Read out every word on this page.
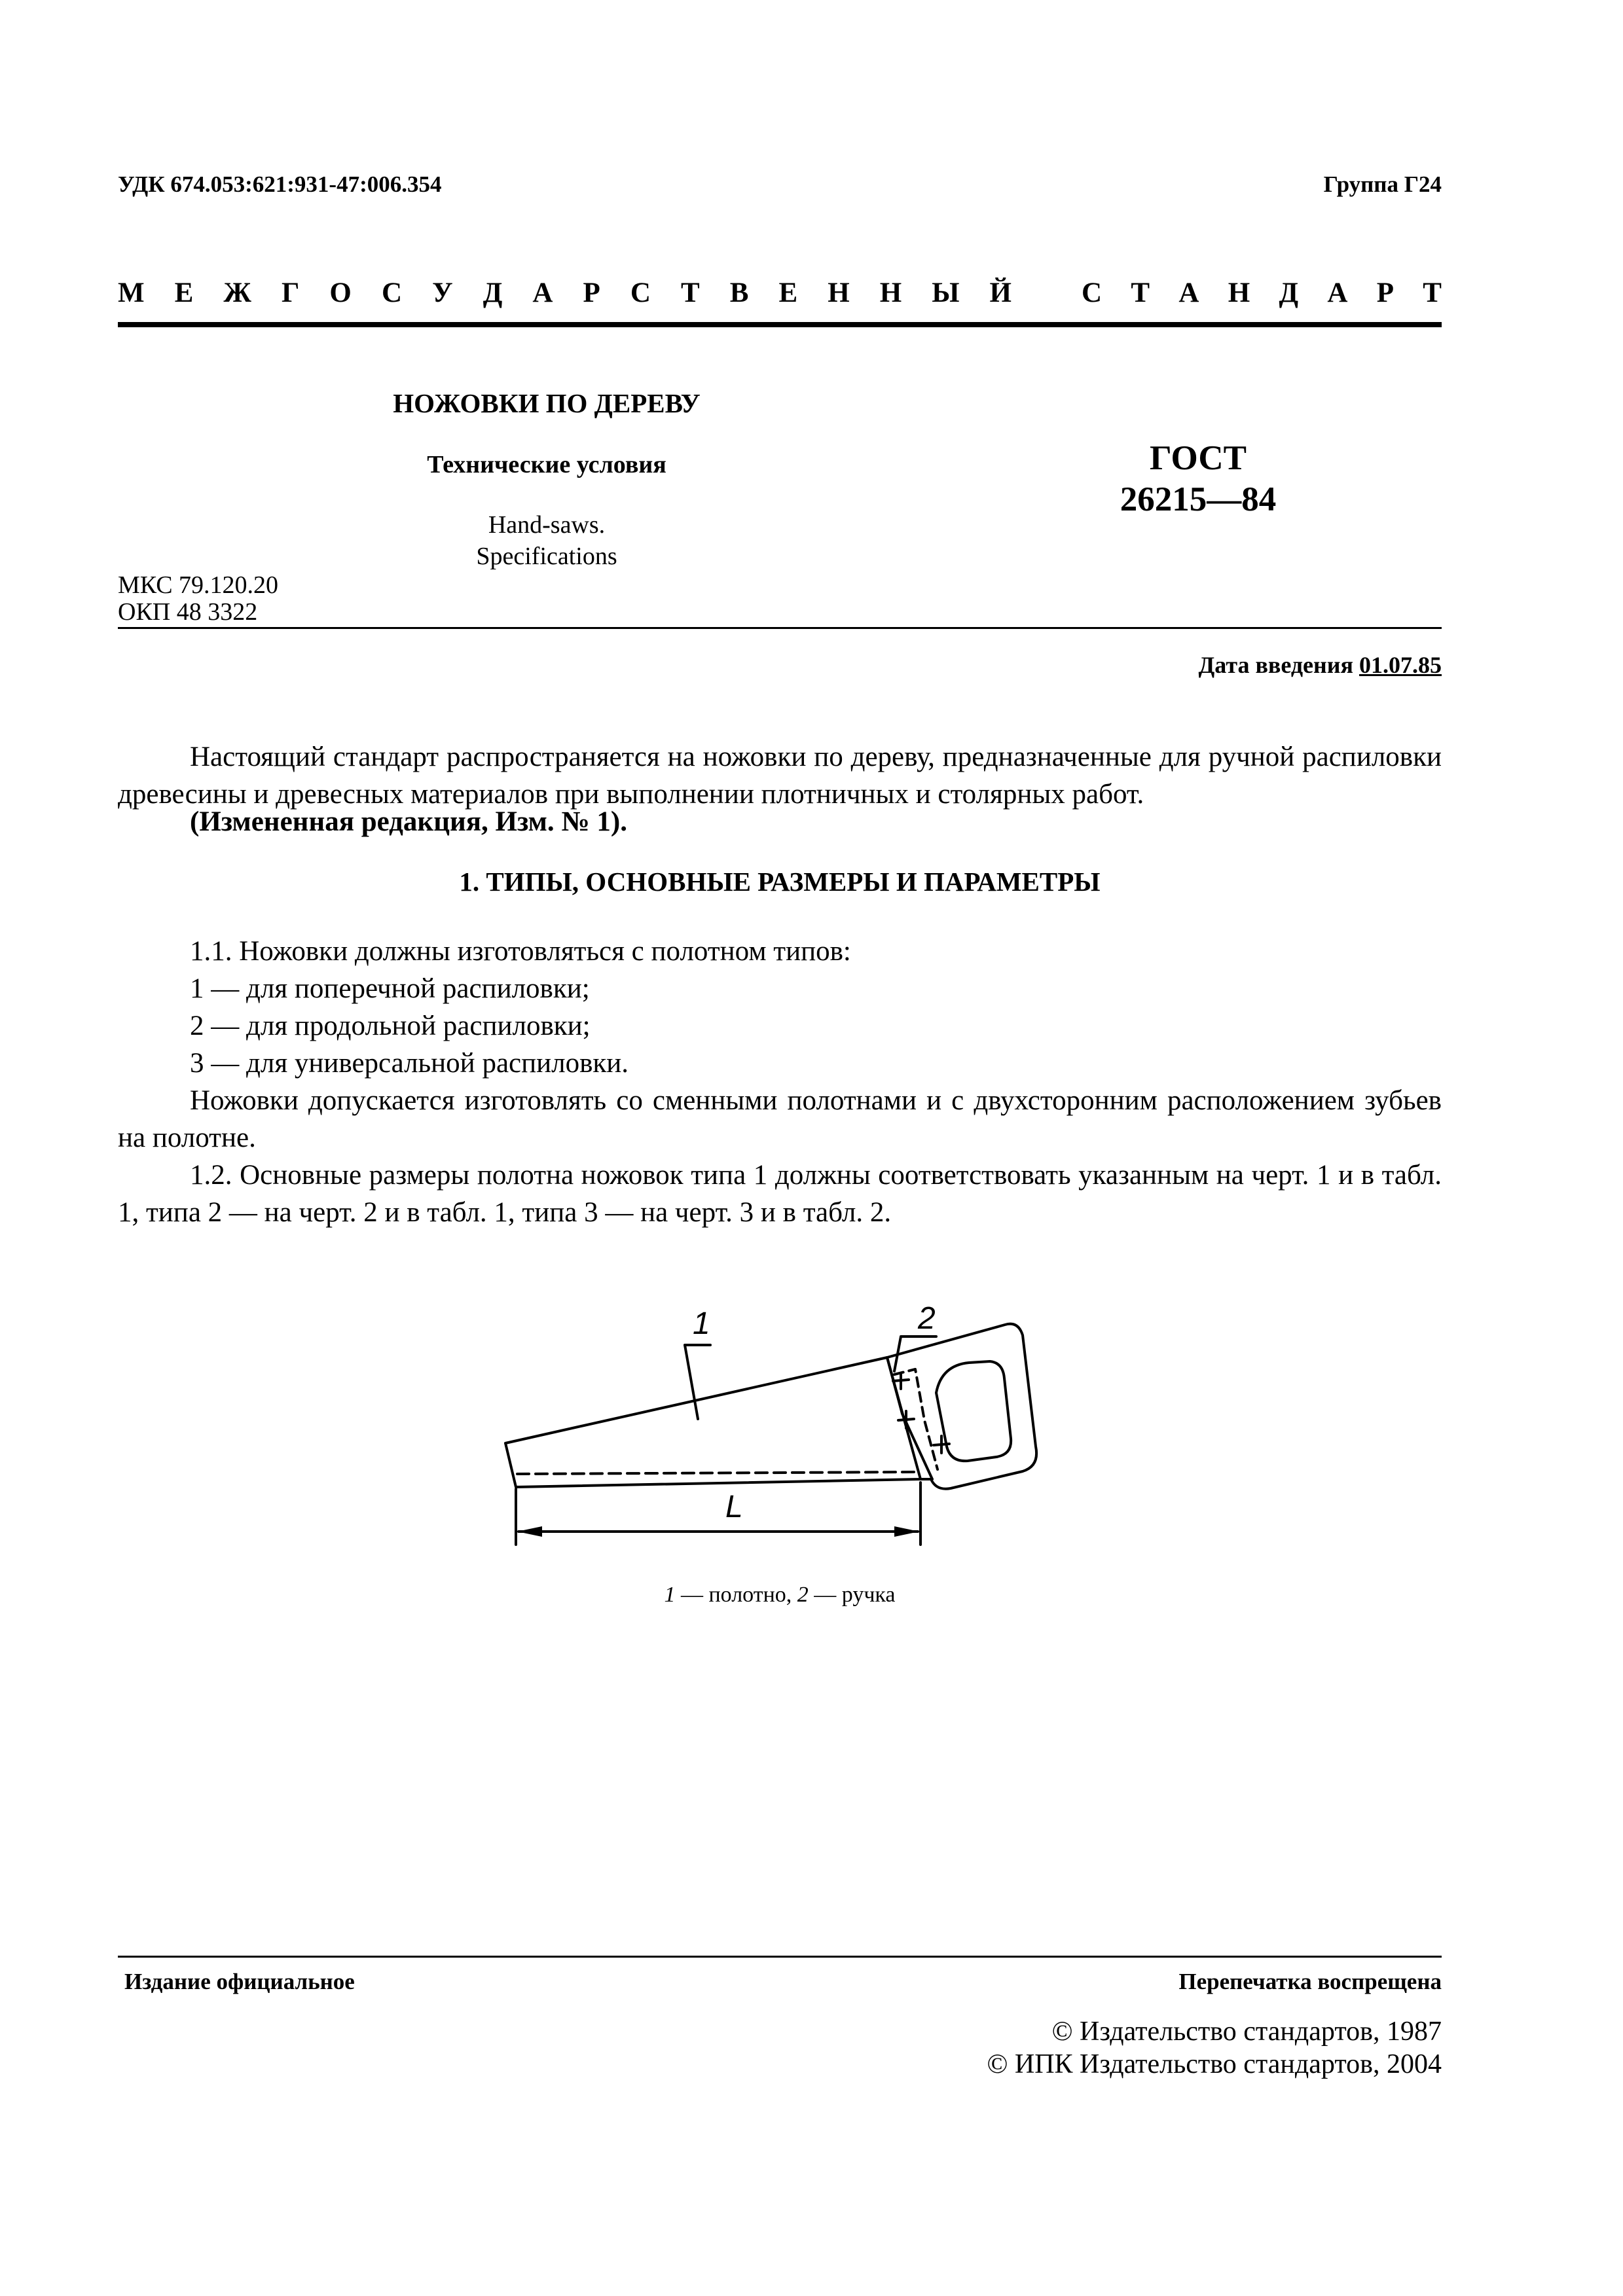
УДК 674.053:621:931-47:006.354	Группа Г24
М Е Ж Г О С У Д А Р С Т В Е Н Н Ы Й С Т А Н Д А Р Т
НОЖОВКИ ПО ДЕРЕВУ
Технические условия
Hand-saws.
Specifications
ГОСТ
26215—84
МКС 79.120.20
ОКП 48 3322
Дата введения 01.07.85
Настоящий стандарт распространяется на ножовки по дереву, предназначенные для ручной распиловки древесины и древесных материалов при выполнении плотничных и столярных работ.
(Измененная редакция, Изм. № 1).
1. ТИПЫ, ОСНОВНЫЕ РАЗМЕРЫ И ПАРАМЕТРЫ
1.1. Ножовки должны изготовляться с полотном типов:
1 — для поперечной распиловки;
2 — для продольной распиловки;
3 — для универсальной распиловки.
Ножовки допускается изготовлять со сменными полотнами и с двухсторонним расположением зубьев на полотне.
1.2. Основные размеры полотна ножовок типа 1 должны соответствовать указанным на черт. 1 и в табл. 1, типа 2 — на черт. 2 и в табл. 1, типа 3 — на черт. 3 и в табл. 2.
1	2
L
1 — полотно, 2 — ручка
Издание официальное	Перепечатка воспрещена
© Издательство стандартов, 1987
© ИПК Издательство стандартов, 2004
